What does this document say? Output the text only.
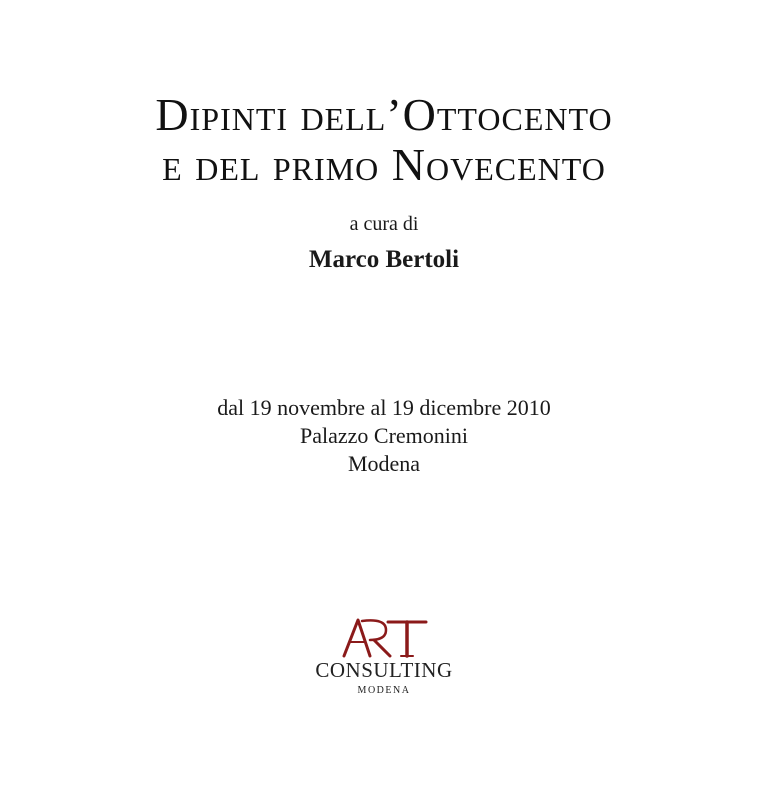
Dipinti dell’Ottocento
e del primo Novecento
a cura di
Marco Bertoli
dal 19 novembre al 19 dicembre 2010
Palazzo Cremonini
Modena
CONSULTING
MODENA
